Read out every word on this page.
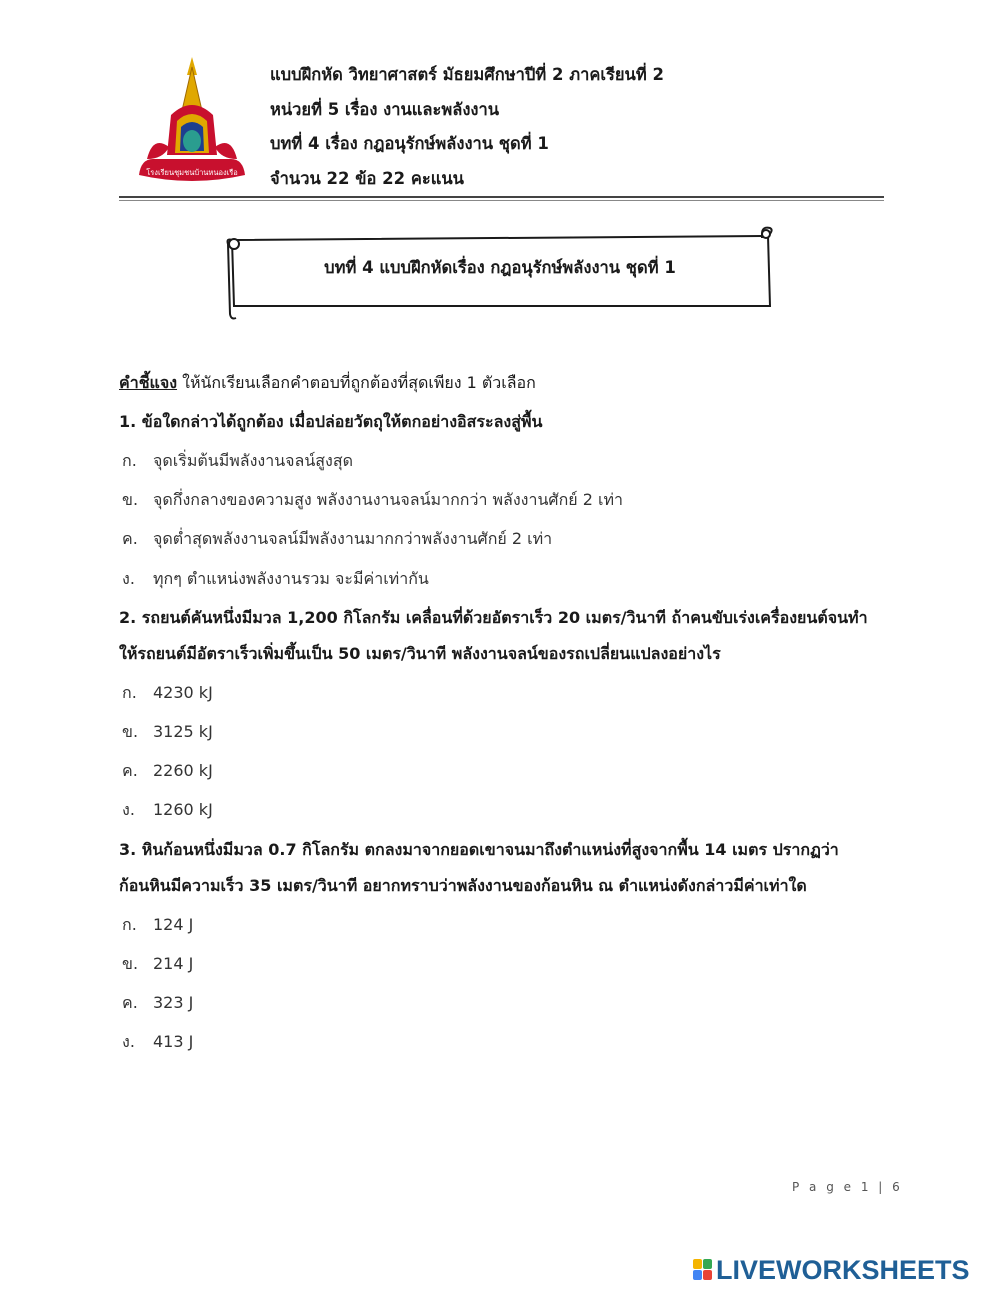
โรงเรียนชุมชนบ้านหนองเรือ
แบบฝึกหัด วิทยาศาสตร์ มัธยมศึกษาปีที่ 2 ภาคเรียนที่ 2
หน่วยที่ 5 เรื่อง งานและพลังงาน
บทที่ 4 เรื่อง กฎอนุรักษ์พลังงาน ชุดที่ 1
จำนวน 22 ข้อ 22 คะแนน
บทที่ 4 แบบฝึกหัดเรื่อง กฎอนุรักษ์พลังงาน ชุดที่ 1
คำชี้แจง ให้นักเรียนเลือกคำตอบที่ถูกต้องที่สุดเพียง 1 ตัวเลือก
1. ข้อใดกล่าวได้ถูกต้อง เมื่อปล่อยวัตถุให้ตกอย่างอิสระลงสู่พื้น
ก. จุดเริ่มต้นมีพลังงานจลน์สูงสุด
ข. จุดกึ่งกลางของความสูง พลังงานงานจลน์มากกว่า พลังงานศักย์ 2 เท่า
ค. จุดต่ำสุดพลังงานจลน์มีพลังงานมากกว่าพลังงานศักย์ 2 เท่า
ง. ทุกๆ ตำแหน่งพลังงานรวม จะมีค่าเท่ากัน
2. รถยนต์คันหนึ่งมีมวล 1,200 กิโลกรัม เคลื่อนที่ด้วยอัตราเร็ว 20 เมตร/วินาที ถ้าคนขับเร่งเครื่องยนต์จนทำ
ให้รถยนต์มีอัตราเร็วเพิ่มขึ้นเป็น 50 เมตร/วินาที พลังงานจลน์ของรถเปลี่ยนแปลงอย่างไร
ก. 4230 kJ
ข. 3125 kJ
ค. 2260 kJ
ง. 1260 kJ
3. หินก้อนหนึ่งมีมวล 0.7 กิโลกรัม ตกลงมาจากยอดเขาจนมาถึงตำแหน่งที่สูงจากพื้น 14 เมตร ปรากฏว่า
ก้อนหินมีความเร็ว 35 เมตร/วินาที อยากทราบว่าพลังงานของก้อนหิน ณ ตำแหน่งดังกล่าวมีค่าเท่าใด
ก. 124 J
ข. 214 J
ค. 323 J
ง. 413 J
P a g e 1 | 6
LIVEWORKSHEETS
